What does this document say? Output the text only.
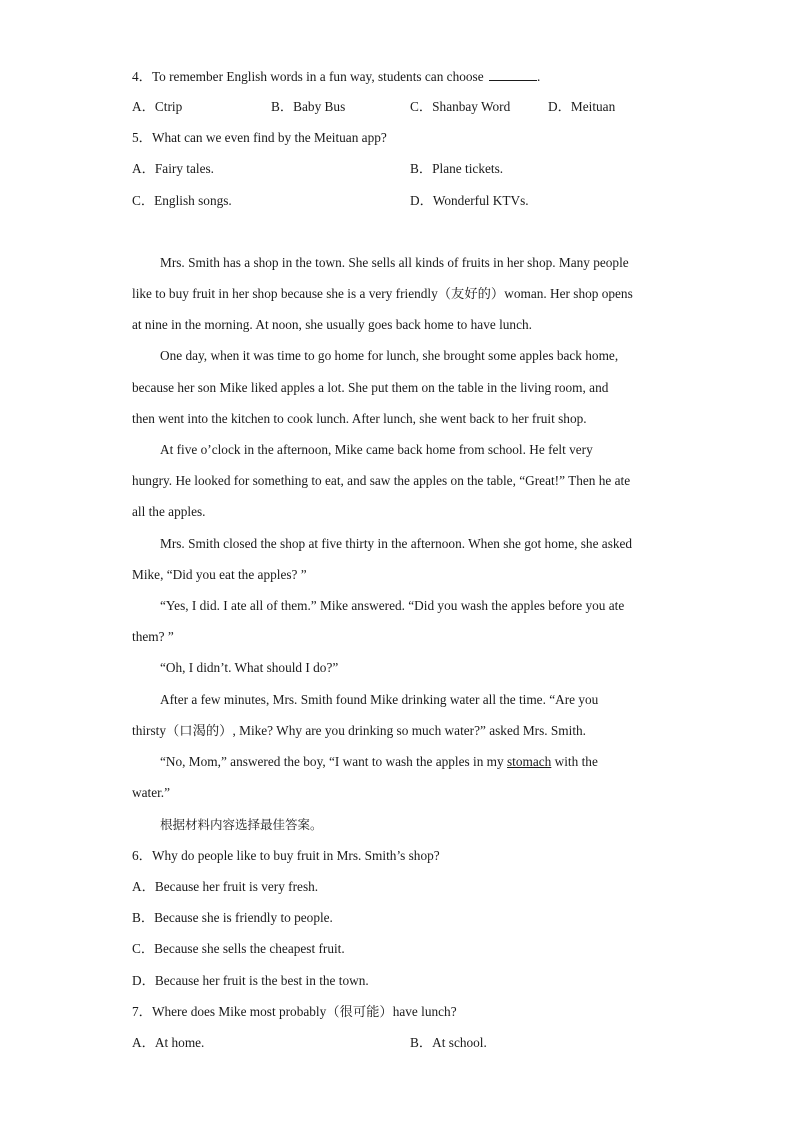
4．To remember English words in a fun way, students can choose	.
A．Ctrip	B．Baby Bus	C．Shanbay Word	D．Meituan
5．What can we even find by the Meituan app?
A．Fairy tales.	B．Plane tickets.
C．English songs.	D．Wonderful KTVs.
Mrs. Smith has a shop in the town. She sells all kinds of fruits in her shop. Many people
like to buy fruit in her shop because she is a very friendly（友好的）woman. Her shop opens
at nine in the morning. At noon, she usually goes back home to have lunch.
One day, when it was time to go home for lunch, she brought some apples back home,
because her son Mike liked apples a lot. She put them on the table in the living room, and
then went into the kitchen to cook lunch. After lunch, she went back to her fruit shop.
At five o’clock in the afternoon, Mike came back home from school. He felt very
hungry. He looked for something to eat, and saw the apples on the table, “Great!” Then he ate
all the apples.
Mrs. Smith closed the shop at five thirty in the afternoon. When she got home, she asked
Mike, “Did you eat the apples? ”
“Yes, I did. I ate all of them.” Mike answered. “Did you wash the apples before you ate
them? ”
“Oh, I didn’t. What should I do?”
After a few minutes, Mrs. Smith found Mike drinking water all the time. “Are you
thirsty（口渴的）, Mike? Why are you drinking so much water?” asked Mrs. Smith.
“No, Mom,” answered the boy, “I want to wash the apples in my stomach with the
water.”
根据材料内容选择最佳答案。
6．Why do people like to buy fruit in Mrs. Smith’s shop?
A．Because her fruit is very fresh.
B．Because she is friendly to people.
C．Because she sells the cheapest fruit.
D．Because her fruit is the best in the town.
7．Where does Mike most probably（很可能）have lunch?
A．At home.	B．At school.
